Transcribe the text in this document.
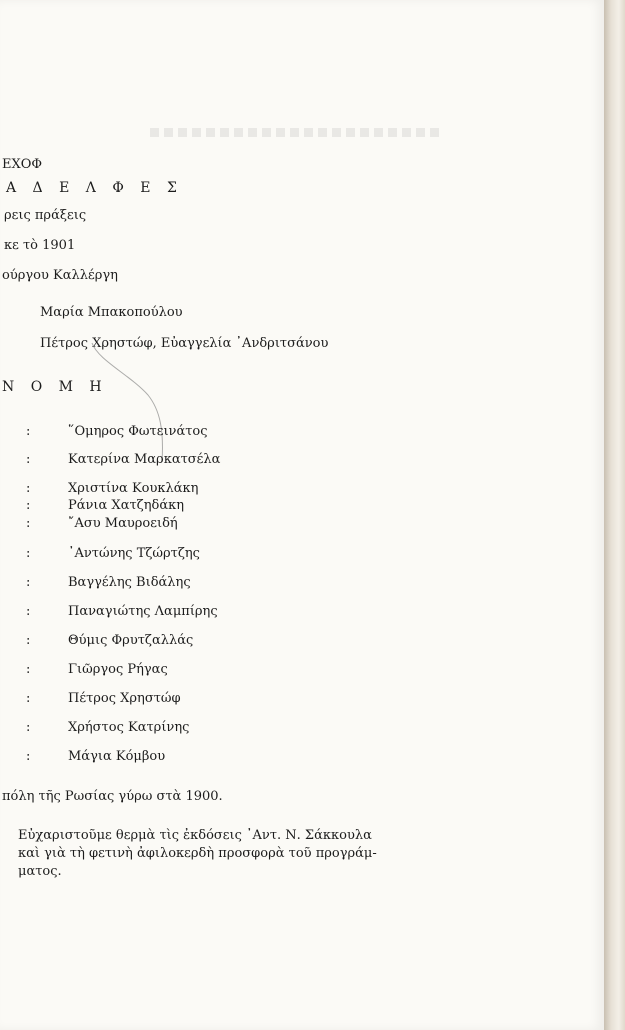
ΕΧΟΦ
Α Δ Ε Λ Φ Ε Σ
ρεις πράξεις
κε τὸ 1901
ούργου Καλλέργη
Μαρία Μπακοπούλου
Πέτρος Χρηστώφ, Εὐαγγελία ᾿Ανδριτσάνου
Ν Ο Μ Η
:	῞Ομηρος Φωτεινάτος
:	Κατερίνα Μαρκατσέλα
:	Χριστίνα Κουκλάκη
:	Ράνια Χατζηδάκη
:	῎Ασυ Μαυροειδή
:	᾿Αντώνης Τζώρτζης
:	Βαγγέλης Βιδάλης
:	Παναγιώτης Λαμπίρης
:	Θύμις Φρυτζαλλάς
:	Γιῶργος Ρήγας
:	Πέτρος Χρηστώφ
:	Χρήστος Κατρίνης
:	Μάγια Κόμβου
πόλη τῆς Ρωσίας γύρω στὰ 1900.
Εὐχαριστοῦμε θερμὰ τὶς ἐκδόσεις ᾿Αντ. Ν. Σάκκουλα
καὶ γιὰ τὴ φετινὴ ἀφιλοκερδὴ προσφορὰ τοῦ προγράμ-
ματος.
